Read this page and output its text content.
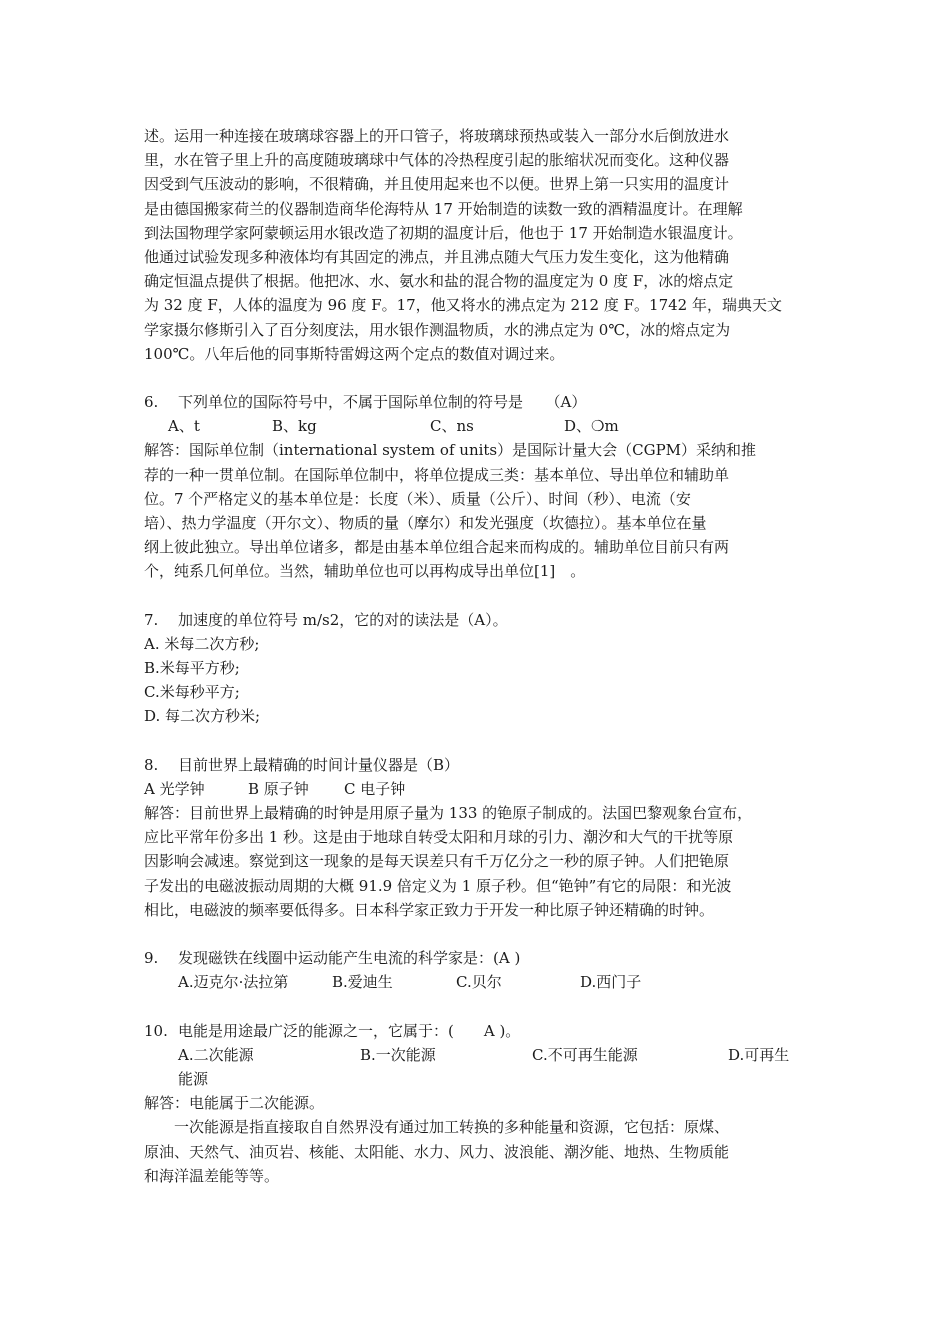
述。运用一种连接在玻璃球容器上的开口管子，将玻璃球预热或装入一部分水后倒放进水
里，水在管子里上升的高度随玻璃球中气体的冷热程度引起的胀缩状况而变化。这种仪器
因受到气压波动的影响，不很精确，并且使用起来也不以便。世界上第一只实用的温度计
是由德国搬家荷兰的仪器制造商华伦海特从 17 开始制造的读数一致的酒精温度计。在理解
到法国物理学家阿蒙顿运用水银改造了初期的温度计后，他也于 17 开始制造水银温度计。
他通过试验发现多种液体均有其固定的沸点，并且沸点随大气压力发生变化，这为他精确
确定恒温点提供了根据。他把冰、水、氨水和盐的混合物的温度定为 0 度 F，冰的熔点定
为 32 度 F，人体的温度为 96 度 F。17，他又将水的沸点定为 212 度 F。1742 年，瑞典天文
学家摄尔修斯引入了百分刻度法，用水银作测温物质，水的沸点定为 0℃，冰的熔点定为
100℃。八年后他的同事斯特雷姆这两个定点的数值对调过来。
6.	下列单位的国际符号中，不属于国际单位制的符号是　　（A）
A、t	B、kg	C、ns	D、❍m
解答：国际单位制（international system of units）是国际计量大会（CGPM）采纳和推
荐的一种一贯单位制。在国际单位制中，将单位提成三类：基本单位、导出单位和辅助单
位。7 个严格定义的基本单位是：长度（米）、质量（公斤）、时间（秒）、电流（安
培）、热力学温度（开尔文）、物质的量（摩尔）和发光强度（坎德拉）。基本单位在量
纲上彼此独立。导出单位诸多，都是由基本单位组合起来而构成的。辅助单位目前只有两
个，纯系几何单位。当然，辅助单位也可以再构成导出单位[1]　。
7.	加速度的单位符号 m/s2，它的对的读法是（A）。
A. 米每二次方秒;
B.米每平方秒;
C.米每秒平方;
D. 每二次方秒米;
8.	目前世界上最精确的时间计量仪器是（B）
A 光学钟	B 原子钟	C 电子钟
解答：目前世界上最精确的时钟是用原子量为 133 的铯原子制成的。法国巴黎观象台宣布，
应比平常年份多出 1 秒。这是由于地球自转受太阳和月球的引力、潮汐和大气的干扰等原
因影响会减速。察觉到这一现象的是每天误差只有千万亿分之一秒的原子钟。人们把铯原
子发出的电磁波振动周期的大概 91.9 倍定义为 1 原子秒。但“铯钟”有它的局限：和光波
相比，电磁波的频率要低得多。日本科学家正致力于开发一种比原子钟还精确的时钟。
9.	发现磁铁在线圈中运动能产生电流的科学家是：(A )
A.迈克尔·法拉第	B.爱迪生	C.贝尔	D.西门子
10. 电能是用途最广泛的能源之一，它属于：(　　A )。
A.二次能源	B.一次能源	C.不可再生能源	D.可再生
能源
解答：电能属于二次能源。
　　一次能源是指直接取自自然界没有通过加工转换的多种能量和资源，它包括：原煤、
原油、天然气、油页岩、核能、太阳能、水力、风力、波浪能、潮汐能、地热、生物质能
和海洋温差能等等。
